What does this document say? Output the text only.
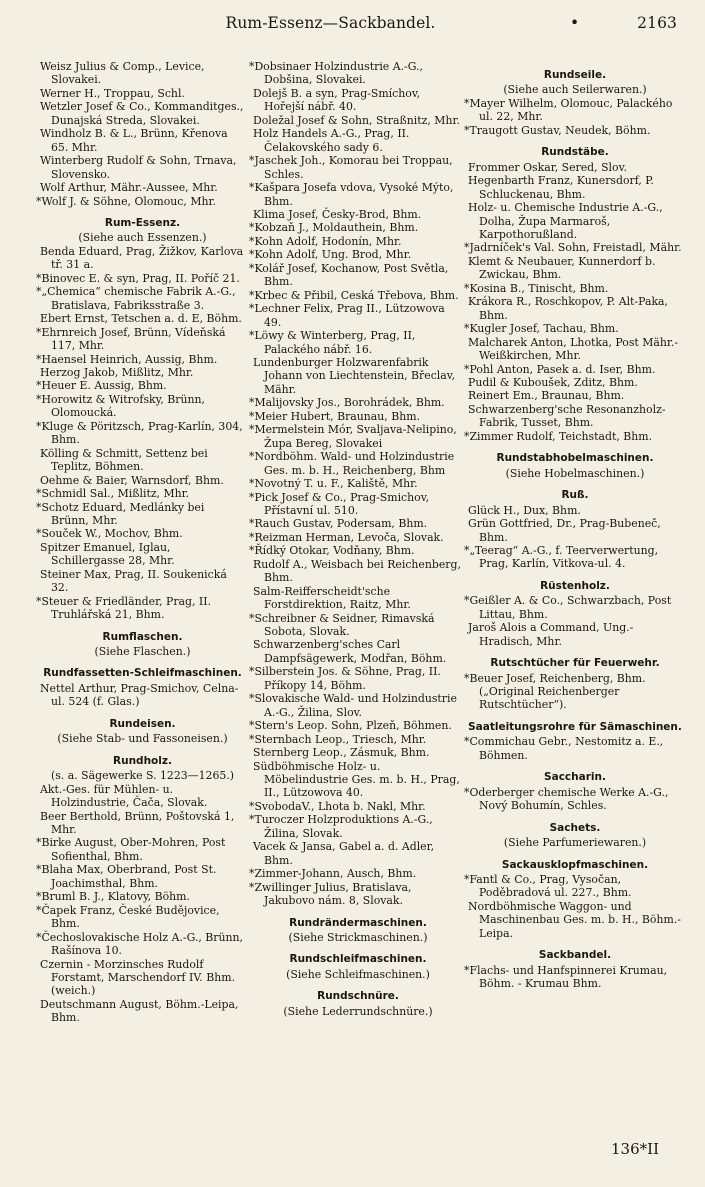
Rum-Essenz—Sackbandel.	•	2163
Weisz Julius & Comp., Levice, Slovakei.
Werner H., Troppau, Schl.
Wetzler Josef & Co., Kommanditges., Dunajská Streda, Slovakei.
Windholz B. & L., Brünn, Křenova 65. Mhr.
Winterberg Rudolf & Sohn, Trnava, Slovensko.
Wolf Arthur, Mähr.-Aussee, Mhr.
*Wolf J. & Söhne, Olomouc, Mhr.
Rum-Essenz.
(Siehe auch Essenzen.)
Benda Eduard, Prag, Žižkov, Karlova tř. 31 a.
*Binovec E. & syn, Prag, II. Poříč 21.
*„Chemica“ chemische Fabrik A.-G., Bratislava, Fabriksstraße 3.
Ebert Ernst, Tetschen a. d. E, Böhm.
*Ehrnreich Josef, Brünn, Vídeňská 117, Mhr.
*Haensel Heinrich, Aussig, Bhm.
Herzog Jakob, Mißlitz, Mhr.
*Heuer E. Aussig, Bhm.
*Horowitz & Witrofsky, Brünn, Olomoucká.
*Kluge & Pöritzsch, Prag-Karlín, 304, Bhm.
Kölling & Schmitt, Settenz bei Teplitz, Böhmen.
Oehme & Baier, Warnsdorf, Bhm.
*Schmidl Sal., Mißlitz, Mhr.
*Schotz Eduard, Medlánky bei Brünn, Mhr.
*Souček W., Mochov, Bhm.
Spitzer Emanuel, Iglau, Schillergasse 28, Mhr.
Steiner Max, Prag, II. Soukenická 32.
*Steuer & Friedländer, Prag, II. Truhlářská 21, Bhm.
Rumflaschen.
(Siehe Flaschen.)
Rundfassetten-Schleifmaschinen.
Nettel Arthur, Prag-Smichov, Celna-ul. 524 (f. Glas.)
Rundeisen.
(Siehe Stab- und Fassoneisen.)
Rundholz.
(s. a. Sägewerke S. 1223—1265.)
Akt.-Ges. für Mühlen- u. Holzindustrie, Čača, Slovak.
Beer Berthold, Brünn, Poštovská 1, Mhr.
*Birke August, Ober-Mohren, Post Sofienthal, Bhm.
*Blaha Max, Oberbrand, Post St. Joachimsthal, Bhm.
*Bruml B. J., Klatovy, Böhm.
*Čapek Franz, České Budějovice, Bhm.
*Čechoslovakische Holz A.-G., Brünn, Rašínova 10.
Czernin - Morzinsches Rudolf Forstamt, Marschendorf IV. Bhm. (weich.)
Deutschmann August, Böhm.-Leipa, Bhm.
*Dobsinaer Holzindustrie A.-G., Dobšina, Slovakei.
Dolejš B. a syn, Prag-Smíchov, Hořejší nábř. 40.
Doležal Josef & Sohn, Straßnitz, Mhr.
Holz Handels A.-G., Prag, II. Čelakovského sady 6.
*Jaschek Joh., Komorau bei Troppau, Schles.
*Kašpara Josefa vdova, Vysoké Mýto, Bhm.
Klima Josef, Česky-Brod, Bhm.
*Kobzaň J., Moldauthein, Bhm.
*Kohn Adolf, Hodonín, Mhr.
*Kohn Adolf, Ung. Brod, Mhr.
*Kolář Josef, Kochanow, Post Světla, Bhm.
*Krbec & Přibil, Ceská Třebova, Bhm.
*Lechner Felix, Prag II., Lützowova 49.
*Löwy & Winterberg, Prag, II, Palackého nábř. 16.
Lundenburger Holzwarenfabrik Johann von Liechtenstein, Břeclav, Mähr.
*Malijovsky Jos., Borohrádek, Bhm.
*Meier Hubert, Braunau, Bhm.
*Mermelstein Mór, Svaljava-Nelipino, Župa Bereg, Slovakei
*Nordböhm. Wald- und Holzindustrie Ges. m. b. H., Reichenberg, Bhm
*Novotný T. u. F., Kaliště, Mhr.
*Pick Josef & Co., Prag-Smichov, Přístavní ul. 510.
*Rauch Gustav, Podersam, Bhm.
*Reizman Herman, Levoča, Slovak.
*Řídký Otokar, Vodňany, Bhm.
Rudolf A., Weisbach bei Reichenberg, Bhm.
Salm-Reifferscheidt'sche Forstdirektion, Raitz, Mhr.
*Schreibner & Seidner, Rimavská Sobota, Slovak.
Schwarzenberg'sches Carl Dampfsägewerk, Modřan, Böhm.
*Silberstein Jos. & Söhne, Prag, II. Příkopy 14, Böhm.
*Slovakische Wald- und Holzindustrie A.-G., Žilina, Slov.
*Stern's Leop. Sohn, Plzeň, Böhmen.
*Sternbach Leop., Triesch, Mhr.
Sternberg Leop., Zásmuk, Bhm.
Südböhmische Holz- u. Möbelindustrie Ges. m. b. H., Prag, II., Lützowova 40.
*SvobodaV., Lhota b. Nakl, Mhr.
*Turoczer Holzproduktions A.-G., Žilina, Slovak.
Vacek & Jansa, Gabel a. d. Adler, Bhm.
*Zimmer-Johann, Ausch, Bhm.
*Zwillinger Julius, Bratislava, Jakubovo nám. 8, Slovak.
Rundrändermaschinen.
(Siehe Strickmaschinen.)
Rundschleifmaschinen.
(Siehe Schleifmaschinen.)
Rundschnüre.
(Siehe Lederrundschnüre.)
Rundseile.
(Siehe auch Seilerwaren.)
*Mayer Wilhelm, Olomouc, Palackého ul. 22, Mhr.
*Traugott Gustav, Neudek, Böhm.
Rundstäbe.
Frommer Oskar, Sered, Slov.
Hegenbarth Franz, Kunersdorf, P. Schluckenau, Bhm.
Holz- u. Chemische Industrie A.-G., Dolha, Župa Marmaroš, Karpothorußland.
*Jadrníček's Val. Sohn, Freistadl, Mähr.
Klemt & Neubauer, Kunnerdorf b. Zwickau, Bhm.
*Kosina B., Tinischt, Bhm.
Krákora R., Roschkopov, P. Alt-Paka, Bhm.
*Kugler Josef, Tachau, Bhm.
Malcharek Anton, Lhotka, Post Mähr.-Weißkirchen, Mhr.
*Pohl Anton, Pasek a. d. Iser, Bhm.
Pudil & Kuboušek, Zditz, Bhm.
Reinert Em., Braunau, Bhm.
Schwarzenberg'sche Resonanzholz-Fabrik, Tusset, Bhm.
*Zimmer Rudolf, Teichstadt, Bhm.
Rundstabhobelmaschinen.
(Siehe Hobelmaschinen.)
Ruß.
Glück H., Dux, Bhm.
Grün Gottfried, Dr., Prag-Bubeneč, Bhm.
*„Teerag“ A.-G., f. Teerverwertung, Prag, Karlín, Vitkova-ul. 4.
Rüstenholz.
*Geißler A. & Co., Schwarzbach, Post Littau, Bhm.
Jaroš Alois a Command, Ung.-Hradisch, Mhr.
Rutschtücher für Feuerwehr.
*Beuer Josef, Reichenberg, Bhm. („Original Reichenberger Rutschtücher“).
Saatleitungsrohre für Sämaschinen.
*Commichau Gebr., Nestomitz a. E., Böhmen.
Saccharin.
*Oderberger chemische Werke A.-G., Nový Bohumín, Schles.
Sachets.
(Siehe Parfumeriewaren.)
Sackausklopfmaschinen.
*Fantl & Co., Prag, Vysočan, Poděbradová ul. 227., Bhm.
Nordböhmische Waggon- und Maschinenbau Ges. m. b. H., Böhm.-Leipa.
Sackbandel.
*Flachs- und Hanfspinnerei Krumau, Böhm. - Krumau Bhm.
136*II
